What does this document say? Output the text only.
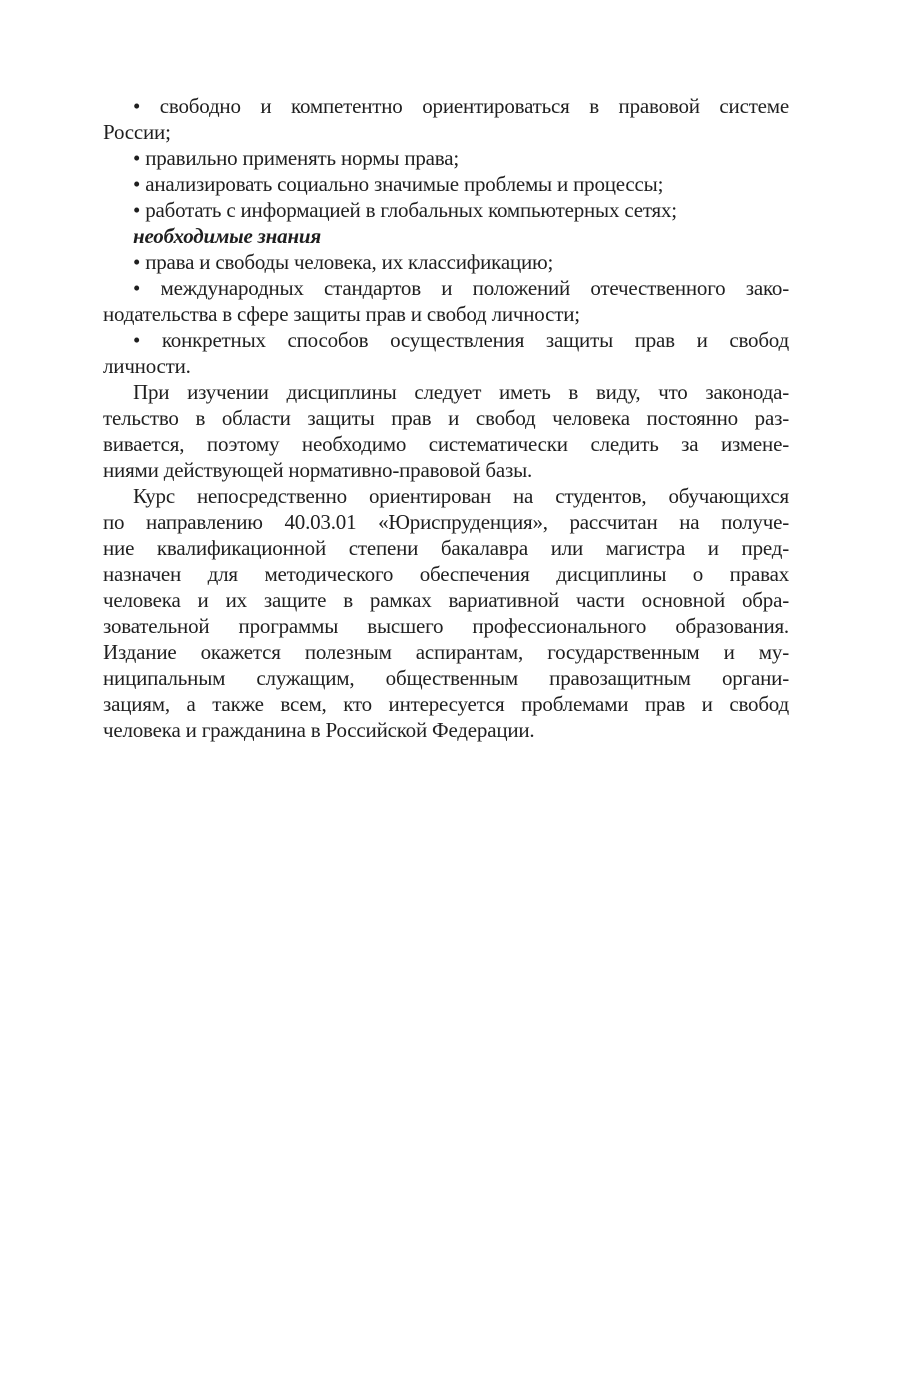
• свободно и компетентно ориентироваться в правовой системе
России;
• правильно применять нормы права;
• анализировать социально значимые проблемы и процессы;
• работать с информацией в глобальных компьютерных сетях;
необходимые знания
• права и свободы человека, их классификацию;
• международных стандартов и положений отечественного зако-
нодательства в сфере защиты прав и свобод личности;
• конкретных способов осуществления защиты прав и свобод
личности.
При изучении дисциплины следует иметь в виду, что законода-
тельство в области защиты прав и свобод человека постоянно раз-
вивается, поэтому необходимо систематически следить за измене-
ниями действующей нормативно-правовой базы.
Курс непосредственно ориентирован на студентов, обучающихся
по направлению 40.03.01 «Юриспруденция», рассчитан на получе-
ние квалификационной степени бакалавра или магистра и пред-
назначен для методического обеспечения дисциплины о правах
человека и их защите в рамках вариативной части основной обра-
зовательной программы высшего профессионального образования.
Издание окажется полезным аспирантам, государственным и му-
ниципальным служащим, общественным правозащитным органи-
зациям, а также всем, кто интересуется проблемами прав и свобод
человека и гражданина в Российской Федерации.
